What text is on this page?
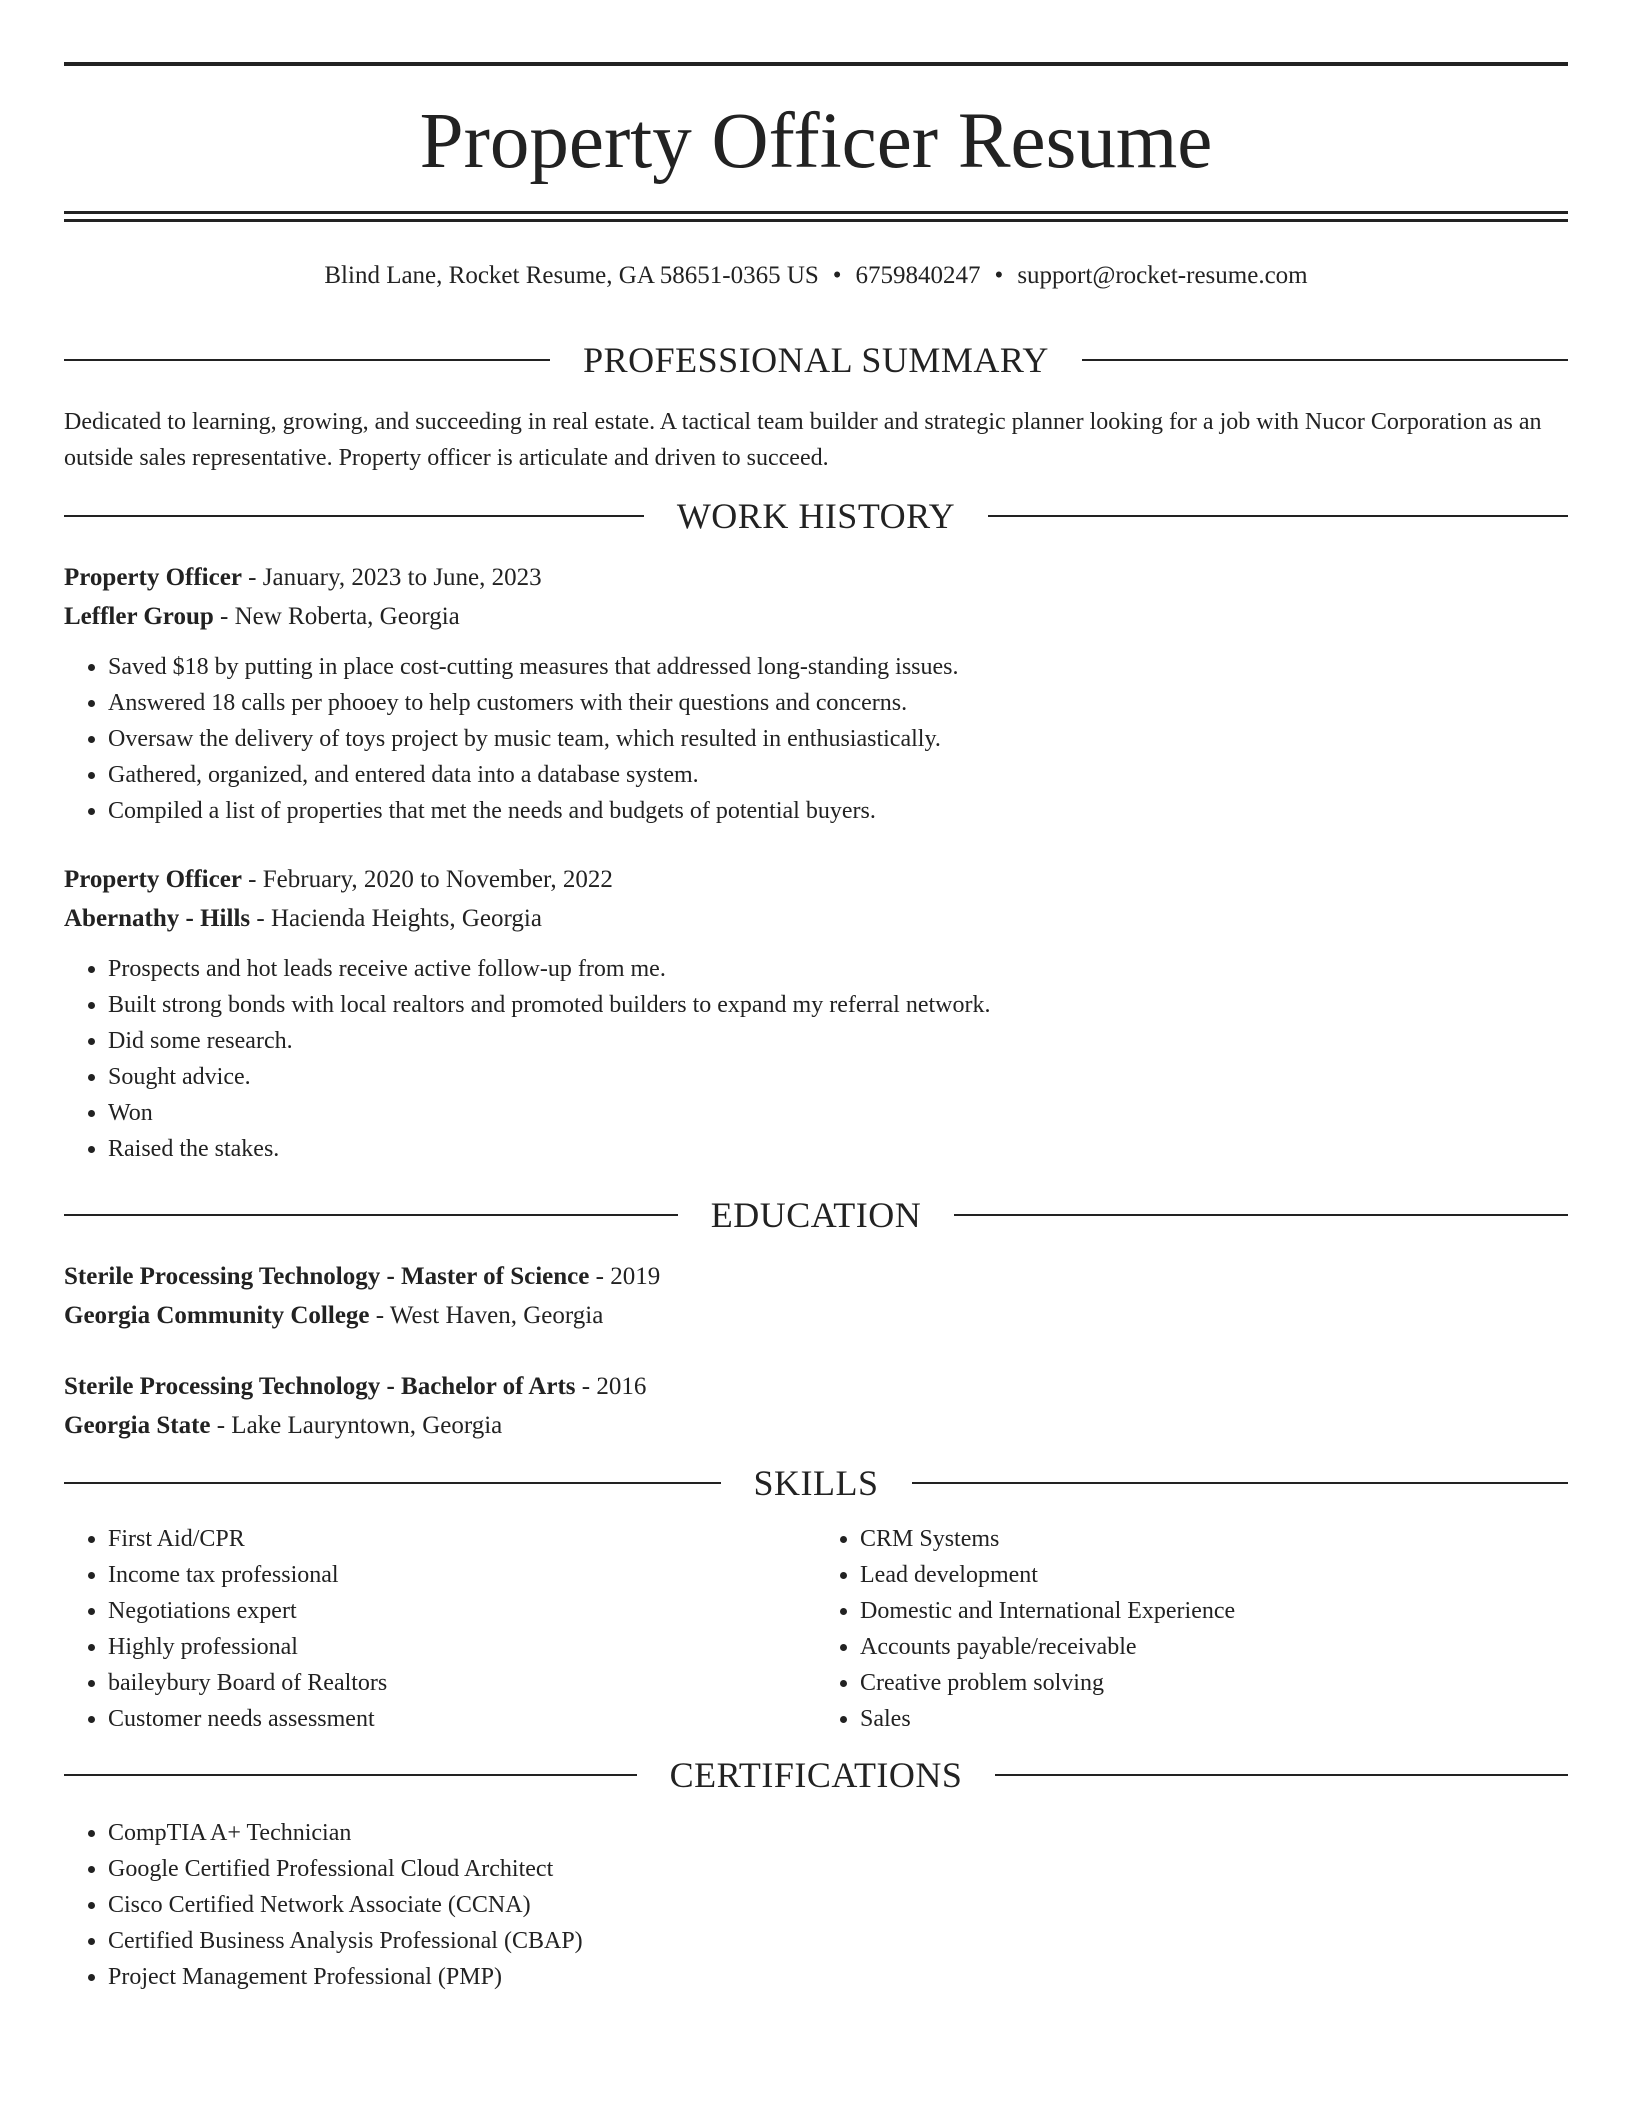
Property Officer Resume
Blind Lane, Rocket Resume, GA 58651-0365 US • 6759840247 • support@rocket-resume.com
PROFESSIONAL SUMMARY

Dedicated to learning, growing, and succeeding in real estate. A tactical team builder and strategic planner looking for a job with Nucor Corporation as an outside sales representative. Property officer is articulate and driven to succeed.

WORK HISTORY
Property Officer - January, 2023 to June, 2023
Leffler Group - New Roberta, Georgia
• Saved $18 by putting in place cost-cutting measures that addressed long-standing issues.
• Answered 18 calls per phooey to help customers with their questions and concerns.
• Oversaw the delivery of toys project by music team, which resulted in enthusiastically.
• Gathered, organized, and entered data into a database system.
• Compiled a list of properties that met the needs and budgets of potential buyers.
Property Officer - February, 2020 to November, 2022
Abernathy - Hills - Hacienda Heights, Georgia
• Prospects and hot leads receive active follow-up from me.
• Built strong bonds with local realtors and promoted builders to expand my referral network.
• Did some research.
• Sought advice.
• Won
• Raised the stakes.
EDUCATION
Sterile Processing Technology - Master of Science - 2019
Georgia Community College - West Haven, Georgia
Sterile Processing Technology - Bachelor of Arts - 2016
Georgia State - Lake Lauryntown, Georgia
SKILLS
• First Aid/CPR
• Income tax professional
• Negotiations expert
• Highly professional
• baileybury Board of Realtors
• Customer needs assessment
• CRM Systems
• Lead development
• Domestic and International Experience
• Accounts payable/receivable
• Creative problem solving
• Sales
CERTIFICATIONS
• CompTIA A+ Technician
• Google Certified Professional Cloud Architect
• Cisco Certified Network Associate (CCNA)
• Certified Business Analysis Professional (CBAP)
• Project Management Professional (PMP)
